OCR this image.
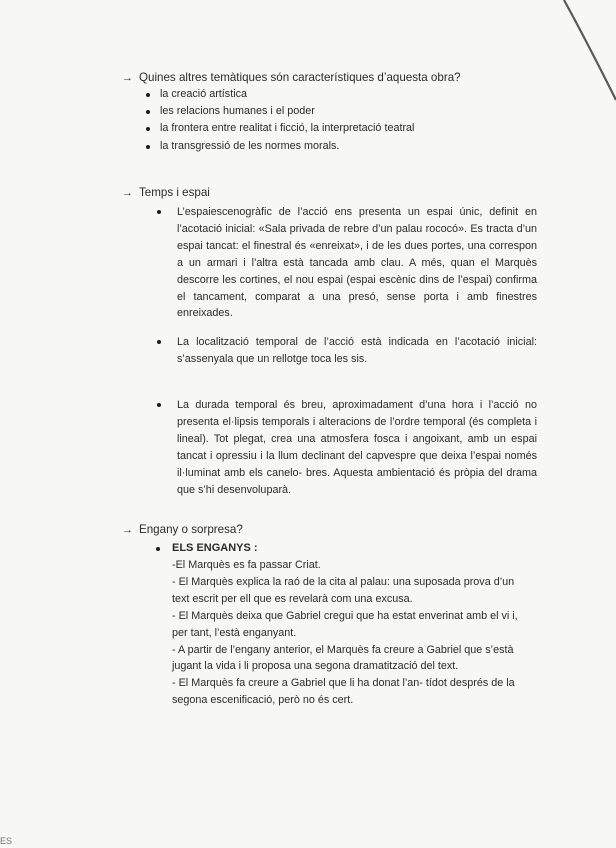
→ Quines altres temàtiques són característiques d’aquesta obra?
la creació artística
les relacions humanes i el poder
la frontera entre realitat i ficció, la interpretació teatral
la transgressió de les normes morals.
→ Temps i espai

L’espaiescenogràfic de l’acció ens presenta un espai únic, definit en l’acotació inicial: «Sala privada de rebre d’un palau rococó». Es tracta d’un espai tancat: el finestral és «enreixat», i de les dues portes, una correspon a un armari i l’altra està tancada amb clau. A més, quan el Marquès descorre les cortines, el nou espai (espai escènic dins de l’espai) confirma el tancament, comparat a una presó, sense porta i amb finestres enreixades.

La localització temporal de l’acció està indicada en l’acotació inicial: s’assenyala que un rellotge toca les sis.

La durada temporal és breu, aproximadament d’una hora i l’acció no presenta el·lipsis temporals i alteracions de l’ordre temporal (és completa i lineal). Tot plegat, crea una atmosfera fosca i angoixant, amb un espai tancat i opressiu i la llum declinant del capvespre que deixa l’espai només il·luminat amb els canelo- bres. Aquesta ambientació és pròpia del drama que s’hi desenvoluparà.

→ Engany o sorpresa?
ELS ENGANYS :
-El Marquès es fa passar Criat.
- El Marquès explica la raó de la cita al palau: una suposada prova d’un
text escrit per ell que es revelarà com una excusa.
- El Marquès deixa que Gabriel cregui que ha estat enverinat amb el vi i,
per tant, l’està enganyant.
- A partir de l’engany anterior, el Marquès fa creure a Gabriel que s’està
jugant la vida i li proposa una segona dramatització del text.
- El Marquès fa creure a Gabriel que li ha donat l’an- tídot després de la
segona escenificació, però no és cert.
ES
